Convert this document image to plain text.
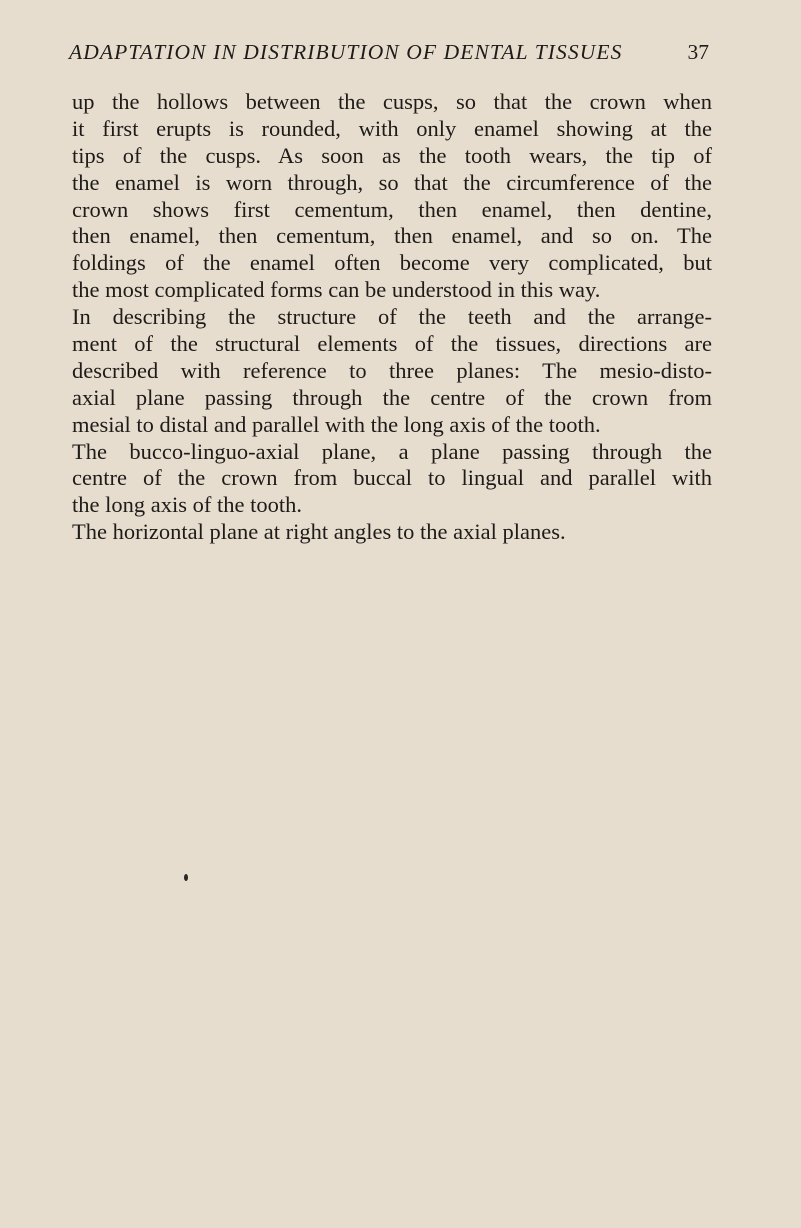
ADAPTATION IN DISTRIBUTION OF DENTAL TISSUES	37
up the hollows between the cusps, so that the crown when
it first erupts is rounded, with only enamel showing at the
tips of the cusps. As soon as the tooth wears, the tip of
the enamel is worn through, so that the circumference of the
crown shows first cementum, then enamel, then dentine,
then enamel, then cementum, then enamel, and so on. The
foldings of the enamel often become very complicated, but
the most complicated forms can be understood in this way.
In describing the structure of the teeth and the arrange-
ment of the structural elements of the tissues, directions are
described with reference to three planes: The mesio-disto-
axial plane passing through the centre of the crown from
mesial to distal and parallel with the long axis of the tooth.
The bucco-linguo-axial plane, a plane passing through the
centre of the crown from buccal to lingual and parallel with
the long axis of the tooth.
The horizontal plane at right angles to the axial planes.
